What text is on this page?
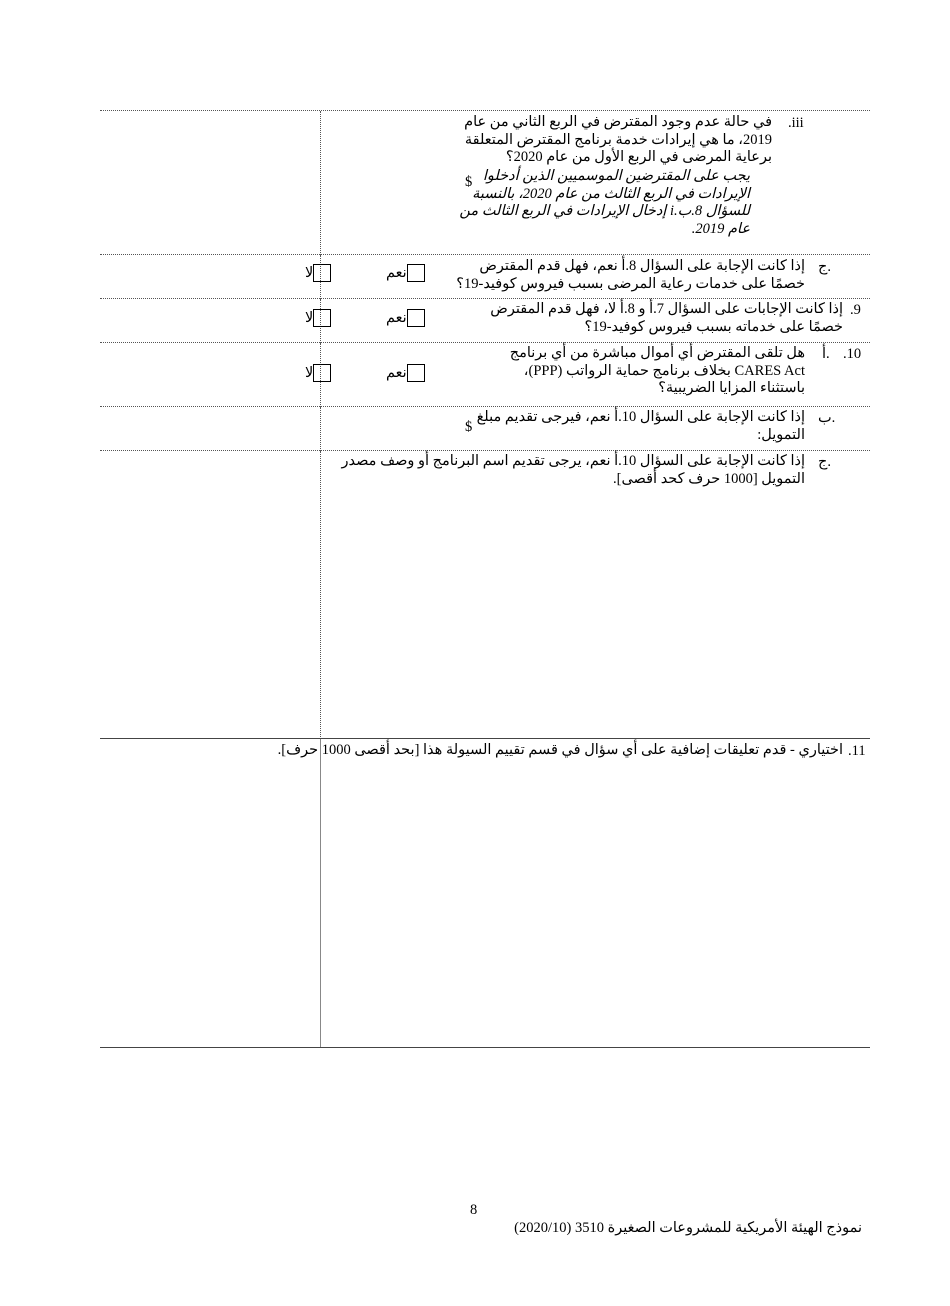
.iii
في حالة عدم وجود المقترض في الربع الثاني من عام
2019، ما هي إيرادات خدمة برنامج المقترض المتعلقة
برعاية المرضى في الربع الأول من عام 2020؟
يجب على المقترضين الموسميين الذين أدخلوا
الإيرادات في الربع الثالث من عام 2020، بالنسبة
للسؤال 8.ب.i إدخال الإيرادات في الربع الثالث من
عام 2019.
$
ج.
إذا كانت الإجابة على السؤال 8.أ نعم، فهل قدم المقترض
خصمًا على خدمات رعاية المرضى بسبب فيروس كوفيد-19؟
نعم
لا
.9
إذا كانت الإجابات على السؤال 7.أ و 8.أ لا، فهل قدم المقترض
خصمًا على خدماته بسبب فيروس كوفيد-19؟
نعم
لا
.10
أ.
هل تلقى المقترض أي أموال مباشرة من أي برنامج
CARES Act بخلاف برنامج حماية الرواتب (PPP)،
باستثناء المزايا الضريبية؟
نعم
لا
ب.
إذا كانت الإجابة على السؤال 10.أ نعم، فيرجى تقديم مبلغ
التمويل:
$
ج.
إذا كانت الإجابة على السؤال 10.أ نعم، يرجى تقديم اسم البرنامج أو وصف مصدر
التمويل [1000 حرف كحد أقصى].
.11
اختياري - قدم تعليقات إضافية على أي سؤال في قسم تقييم السيولة هذا [بحد أقصى 1000 حرف].
8
نموذج الهيئة الأمريكية للمشروعات الصغيرة 3510 (2020/10)
